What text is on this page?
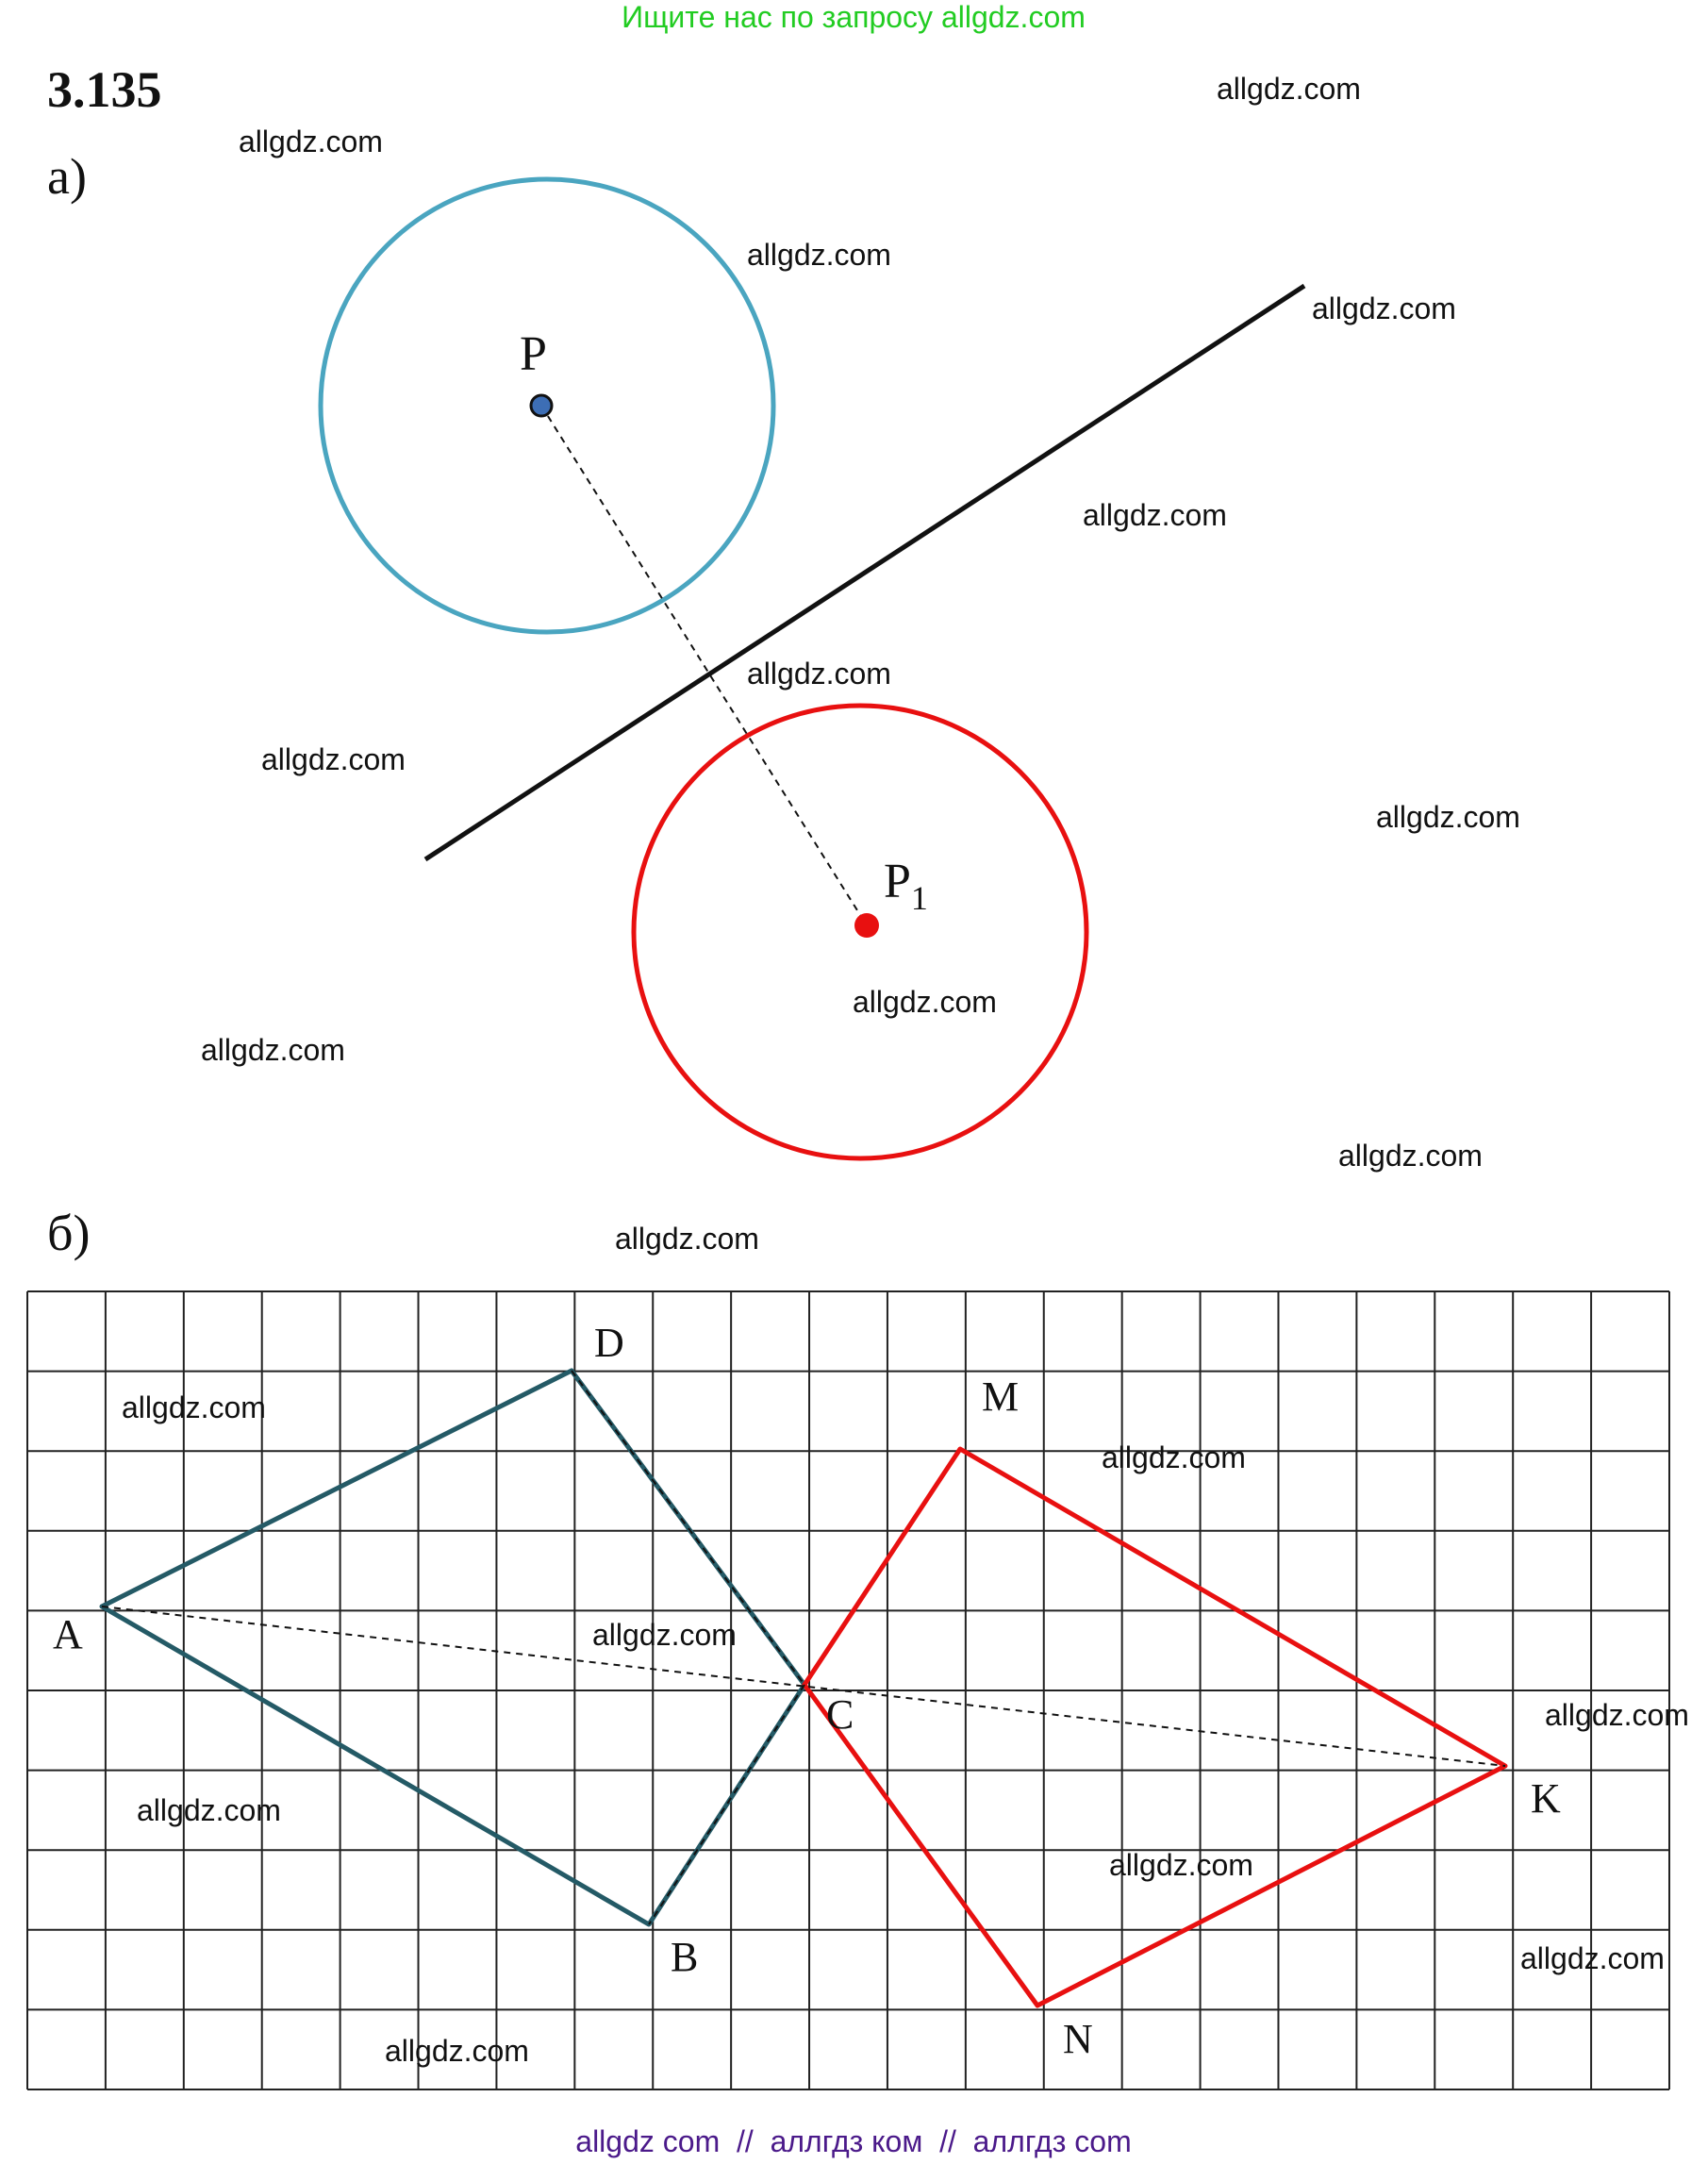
Ищите нас по запросу allgdz.com
3.135
а)
P
$P_1$
б)
D
A
C
B
M
K
N
allgdz.com
allgdz.com
allgdz.com
allgdz.com
allgdz.com
allgdz.com
allgdz.com
allgdz.com
allgdz.com
allgdz.com
allgdz.com
allgdz.com
allgdz.com
allgdz.com
allgdz.com
allgdz.com
allgdz.com
allgdz.com
allgdz.com
allgdz.com
allgdz com  //  аллгдз ком  //  аллгдз com
